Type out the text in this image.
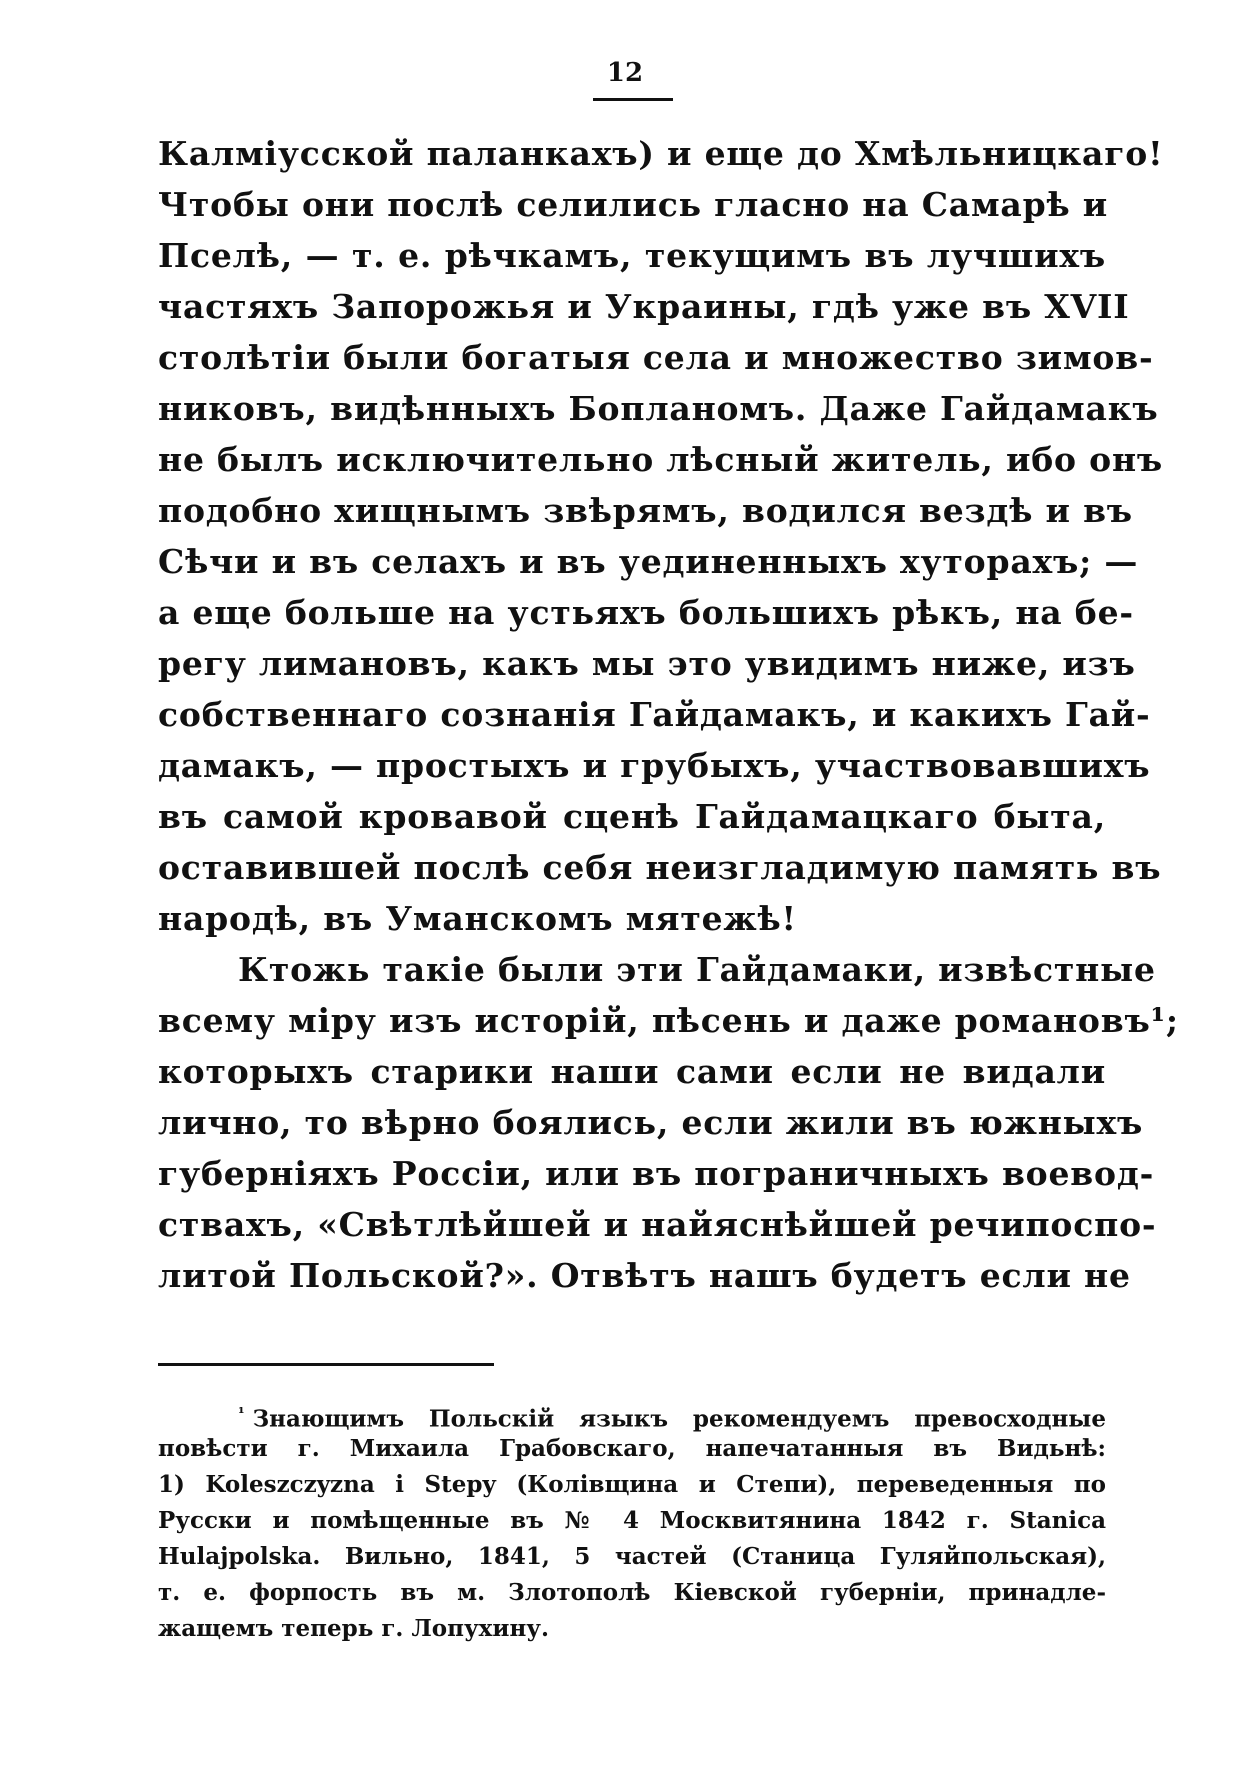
12
Калміусской паланкахъ) и еще до Хмѣльницкаго!
Чтобы они послѣ селились гласно на Самарѣ и
Пселѣ, — т. е. рѣчкамъ, текущимъ въ лучшихъ
частяхъ Запорожья и Украины, гдѣ уже въ XVII
столѣтіи были богатыя села и множество зимов-
никовъ, видѣнныхъ Бопланомъ. Даже Гайдамакъ
не былъ исключительно лѣсный житель, ибо онъ
подобно хищнымъ звѣрямъ, водился вездѣ и въ
Сѣчи и въ селахъ и въ уединенныхъ хуторахъ; —
а еще больше на устьяхъ большихъ рѣкъ, на бе-
регу лимановъ, какъ мы это увидимъ ниже, изъ
собственнаго сознанія Гайдамакъ, и какихъ Гай-
дамакъ, — простыхъ и грубыхъ, участвовавшихъ
въ самой кровавой сценѣ Гайдамацкаго быта,
оставившей послѣ себя неизгладимую память въ
народѣ, въ Уманскомъ мятежѣ!
Ктожь такіе были эти Гайдамаки, извѣстные
всему міру изъ исторій, пѣсень и даже романовъ¹;
которыхъ старики наши сами если не видали
лично, то вѣрно боялись, если жили въ южныхъ
губерніяхъ Россіи, или въ пограничныхъ воевод-
ствахъ, «Свѣтлѣйшей и найяснѣйшей речипоспо-
литой Польской?». Отвѣтъ нашъ будетъ если не
$^{^1}$ Знающимъ Польскій языкъ рекомендуемъ превосходные
повѣсти г. Михаила Грабовскаго, напечатанныя въ Видьнѣ:
1) Koleszczyzna i Stepy (Колівщина и Степи), переведенныя по
Русски и помѣщенные въ № 4 Москвитянина 1842 г. Stanica
Hulajpolska. Вильно, 1841, 5 частей (Станица Гуляйпольская),
т. е. форпость въ м. Злотополѣ Кіевской губерніи, принадле-
жащемъ теперь г. Лопухину.
